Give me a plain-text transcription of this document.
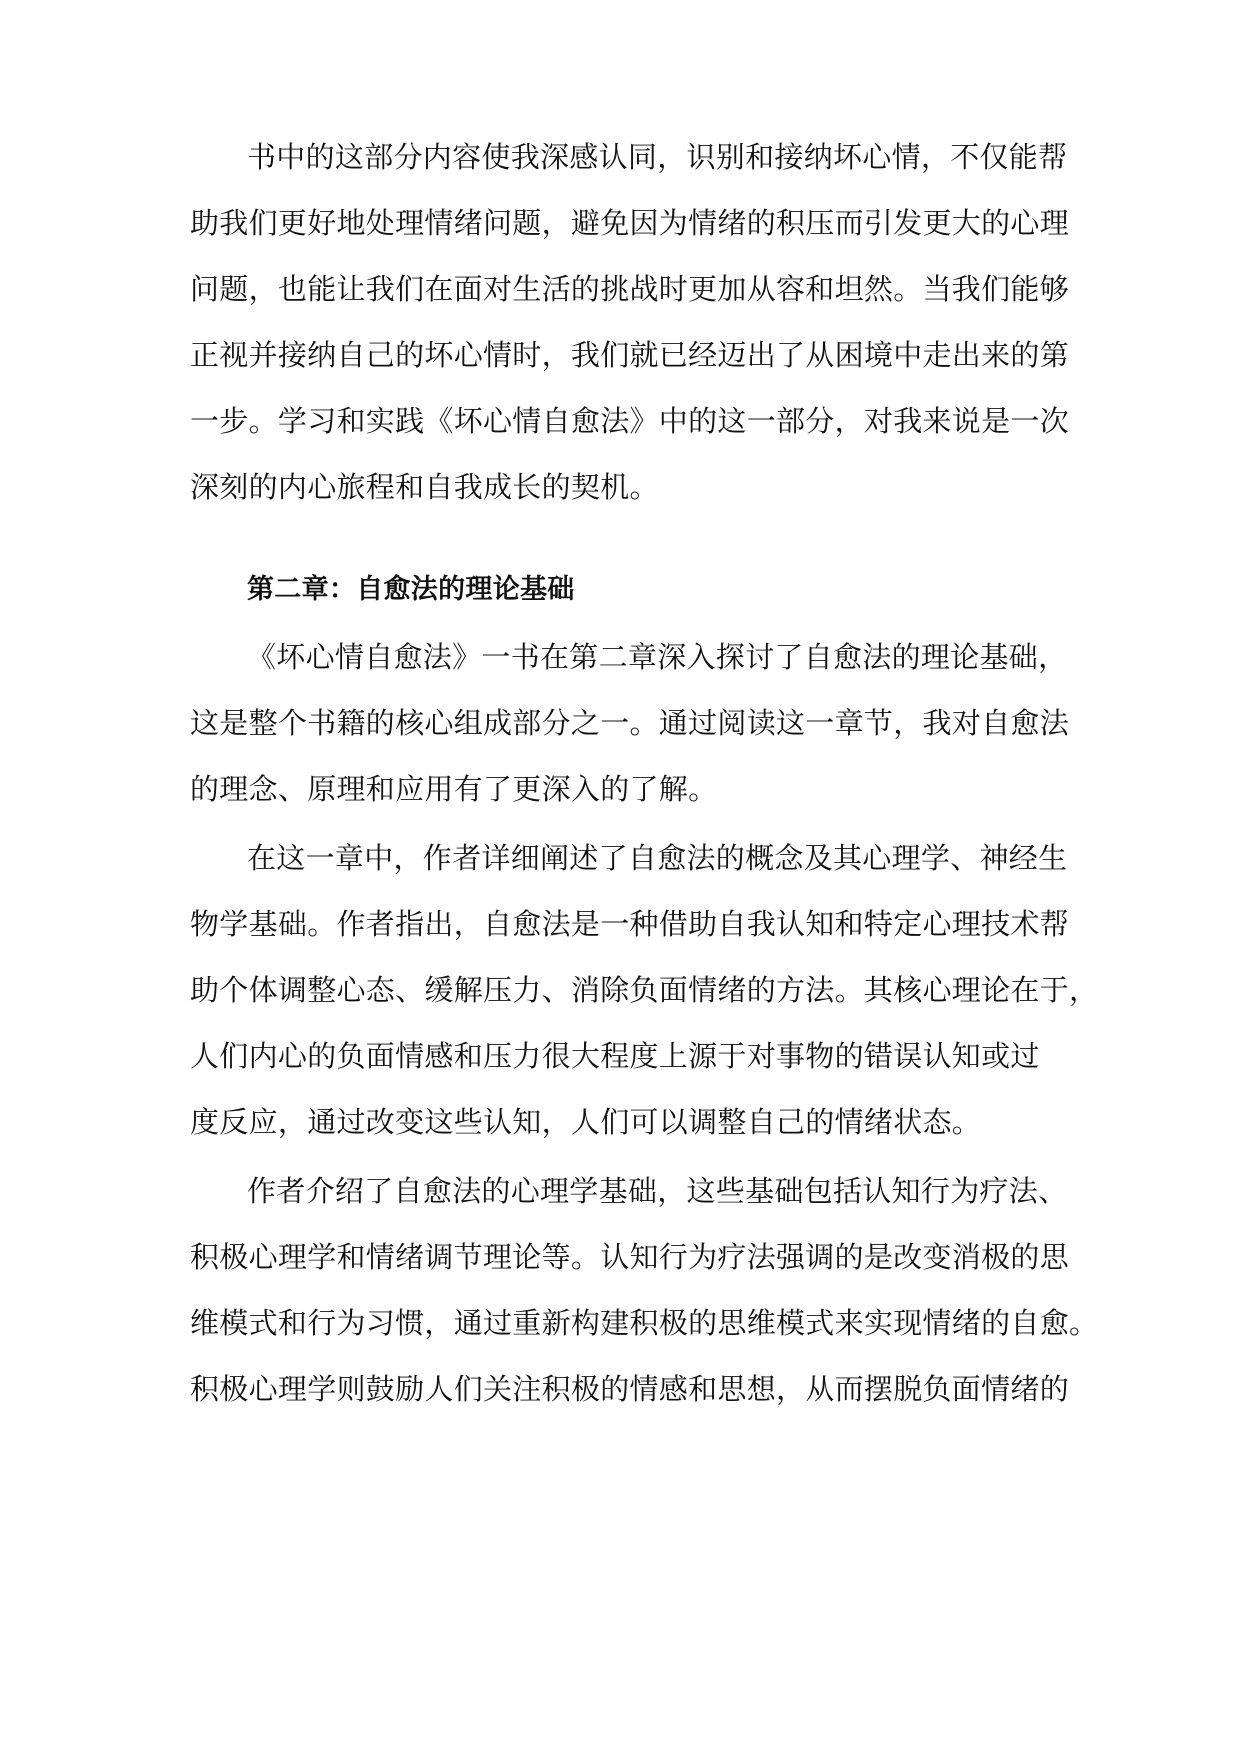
书中的这部分内容使我深感认同，识别和接纳坏心情，不仅能帮
助我们更好地处理情绪问题，避免因为情绪的积压而引发更大的心理
问题，也能让我们在面对生活的挑战时更加从容和坦然。当我们能够
正视并接纳自己的坏心情时，我们就已经迈出了从困境中走出来的第
一步。学习和实践《坏心情自愈法》中的这一部分，对我来说是一次
深刻的内心旅程和自我成长的契机。
第二章：自愈法的理论基础
《坏心情自愈法》一书在第二章深入探讨了自愈法的理论基础，
这是整个书籍的核心组成部分之一。通过阅读这一章节，我对自愈法
的理念、原理和应用有了更深入的了解。
在这一章中，作者详细阐述了自愈法的概念及其心理学、神经生
物学基础。作者指出，自愈法是一种借助自我认知和特定心理技术帮
助个体调整心态、缓解压力、消除负面情绪的方法。其核心理论在于，
人们内心的负面情感和压力很大程度上源于对事物的错误认知或过
度反应，通过改变这些认知，人们可以调整自己的情绪状态。
作者介绍了自愈法的心理学基础，这些基础包括认知行为疗法、
积极心理学和情绪调节理论等。认知行为疗法强调的是改变消极的思
维模式和行为习惯，通过重新构建积极的思维模式来实现情绪的自愈。
积极心理学则鼓励人们关注积极的情感和思想，从而摆脱负面情绪的
